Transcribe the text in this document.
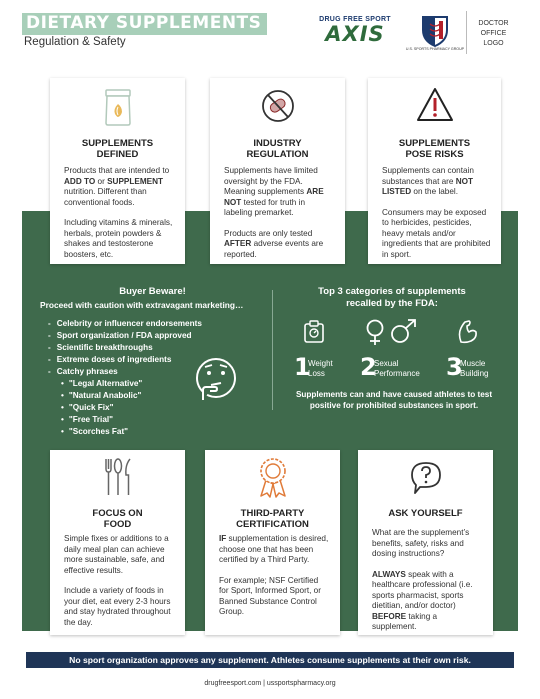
DIETARY SUPPLEMENTS
Regulation & Safety
DRUG FREE SPORT
AXIS
U.S. SPORTS PHARMACY GROUP
DOCTOR
OFFICE
LOGO
SUPPLEMENTS
DEFINED

Products that are intended to ADD TO or SUPPLEMENT nutrition. Different than conventional foods.

Including vitamins & minerals, herbals, protein powders & shakes and testosterone boosters, etc.

INDUSTRY
REGULATION

Supplements have limited oversight by the FDA. Meaning supplements ARE NOT tested for truth in labeling premarket.

Products are only tested AFTER adverse events are reported.

SUPPLEMENTS
POSE RISKS

Supplements can contain substances that are NOT LISTED on the label.

Consumers may be exposed to herbicides, pesticides, heavy metals and/or ingredients that are prohibited in sport.

Buyer Beware!
Proceed with caution with extravagant marketing…
- Celebrity or influencer endorsements
- Sport organization / FDA approved
- Scientific breakthroughs
- Extreme doses of ingredients
- Catchy phrases
• "Legal Alternative"
• "Natural Anabolic"
• "Quick Fix"
• "Free Trial"
• "Scorches Fat"
Top 3 categories of supplements
recalled by the FDA:
1
Weight
Loss	2
Sexual
Performance	3
Muscle
Building
Supplements can and have caused athletes to test positive for prohibited substances in sport.
FOCUS ON
FOOD

Simple fixes or additions to a daily meal plan can achieve more sustainable, safe, and effective results.

Include a variety of foods in your diet, eat every 2-3 hours and stay hydrated throughout the day.

THIRD-PARTY
CERTIFICATION

IF supplementation is desired, choose one that has been certified by a Third Party.

For example; NSF Certified for Sport, Informed Sport, or Banned Substance Control Group.

ASK YOURSELF

What are the supplement’s benefits, safety, risks and dosing instructions?

ALWAYS speak with a healthcare professional (i.e. sports pharmacist, sports dietitian, and/or doctor) BEFORE taking a supplement.

No sport organization approves any supplement. Athletes consume supplements at their own risk.
drugfreesport.com | ussportspharmacy.org
